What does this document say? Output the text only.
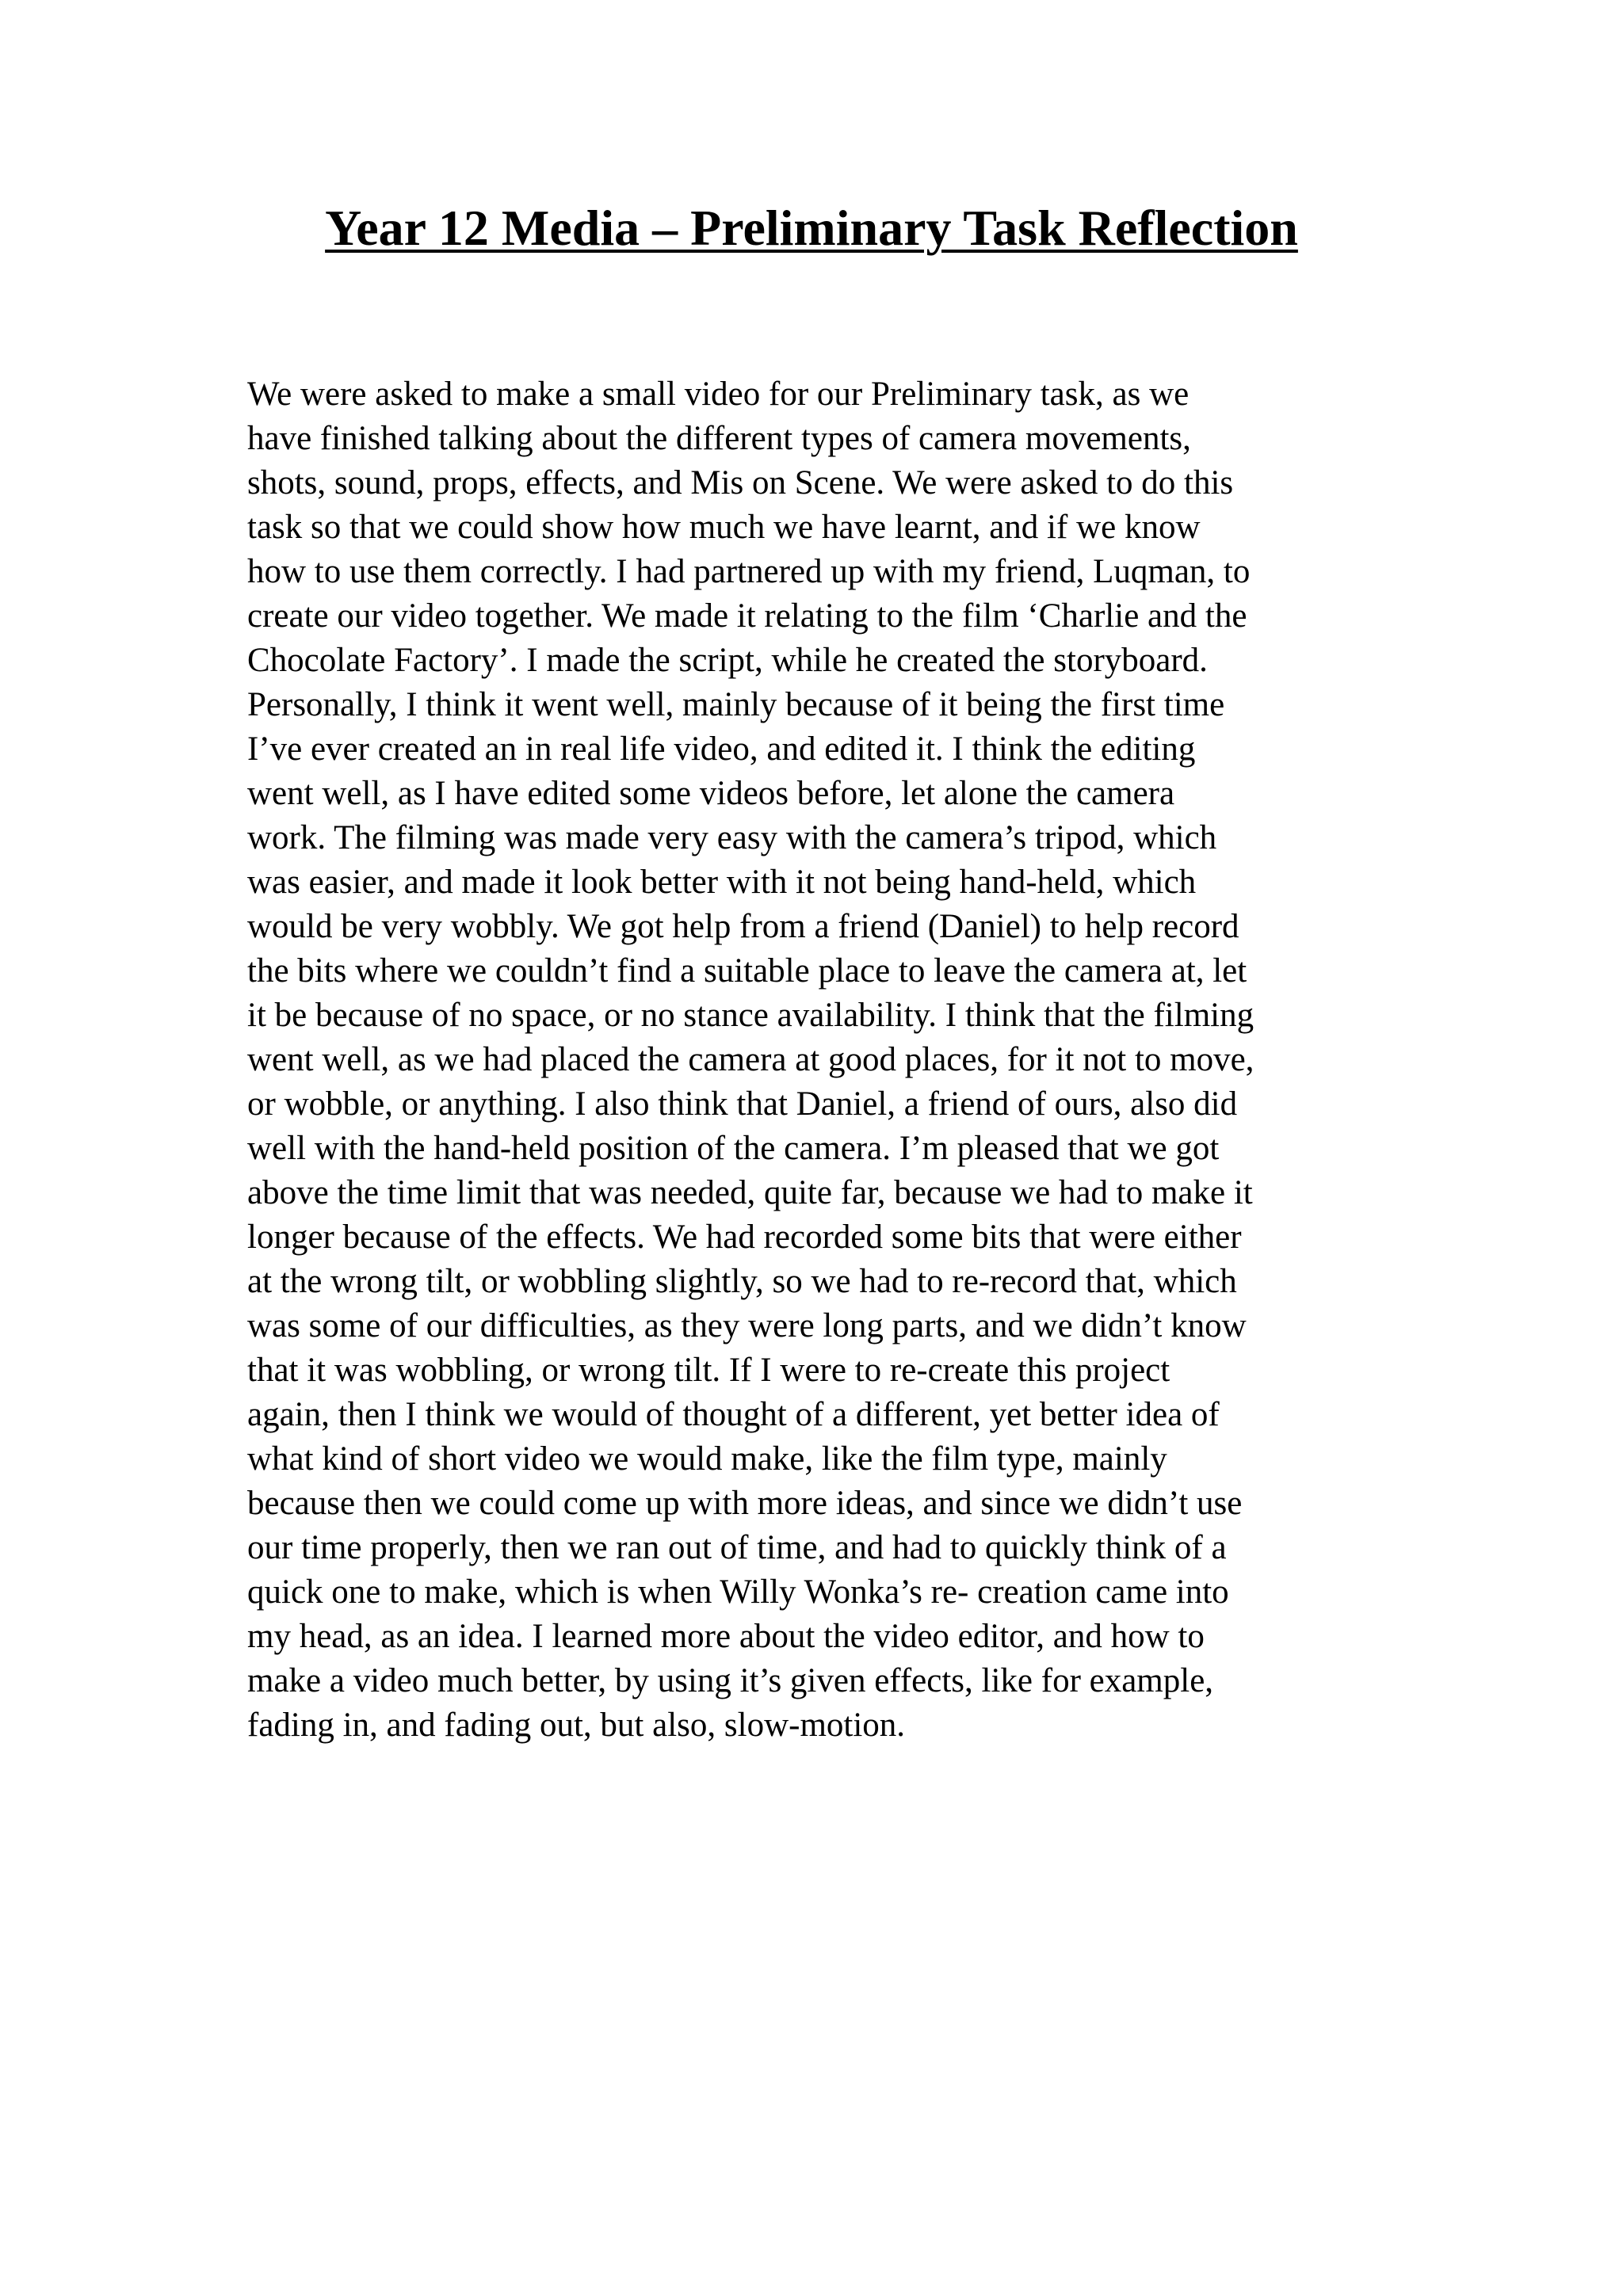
Year 12 Media – Preliminary Task Reflection
We were asked to make a small video for our Preliminary task, as we
have finished talking about the different types of camera movements,
shots, sound, props, effects, and Mis on Scene. We were asked to do this
task so that we could show how much we have learnt, and if we know
how to use them correctly. I had partnered up with my friend, Luqman, to
create our video together. We made it relating to the film ‘Charlie and the
Chocolate Factory’. I made the script, while he created the storyboard.
Personally, I think it went well, mainly because of it being the first time
I’ve ever created an in real life video, and edited it. I think the editing
went well, as I have edited some videos before, let alone the camera
work. The filming was made very easy with the camera’s tripod, which
was easier, and made it look better with it not being hand-held, which
would be very wobbly. We got help from a friend (Daniel) to help record
the bits where we couldn’t find a suitable place to leave the camera at, let
it be because of no space, or no stance availability. I think that the filming
went well, as we had placed the camera at good places, for it not to move,
or wobble, or anything. I also think that Daniel, a friend of ours, also did
well with the hand-held position of the camera. I’m pleased that we got
above the time limit that was needed, quite far, because we had to make it
longer because of the effects. We had recorded some bits that were either
at the wrong tilt, or wobbling slightly, so we had to re-record that, which
was some of our difficulties, as they were long parts, and we didn’t know
that it was wobbling, or wrong tilt. If I were to re-create this project
again, then I think we would of thought of a different, yet better idea of
what kind of short video we would make, like the film type, mainly
because then we could come up with more ideas, and since we didn’t use
our time properly, then we ran out of time, and had to quickly think of a
quick one to make, which is when Willy Wonka’s re- creation came into
my head, as an idea. I learned more about the video editor, and how to
make a video much better, by using it’s given effects, like for example,
fading in, and fading out, but also, slow-motion.
